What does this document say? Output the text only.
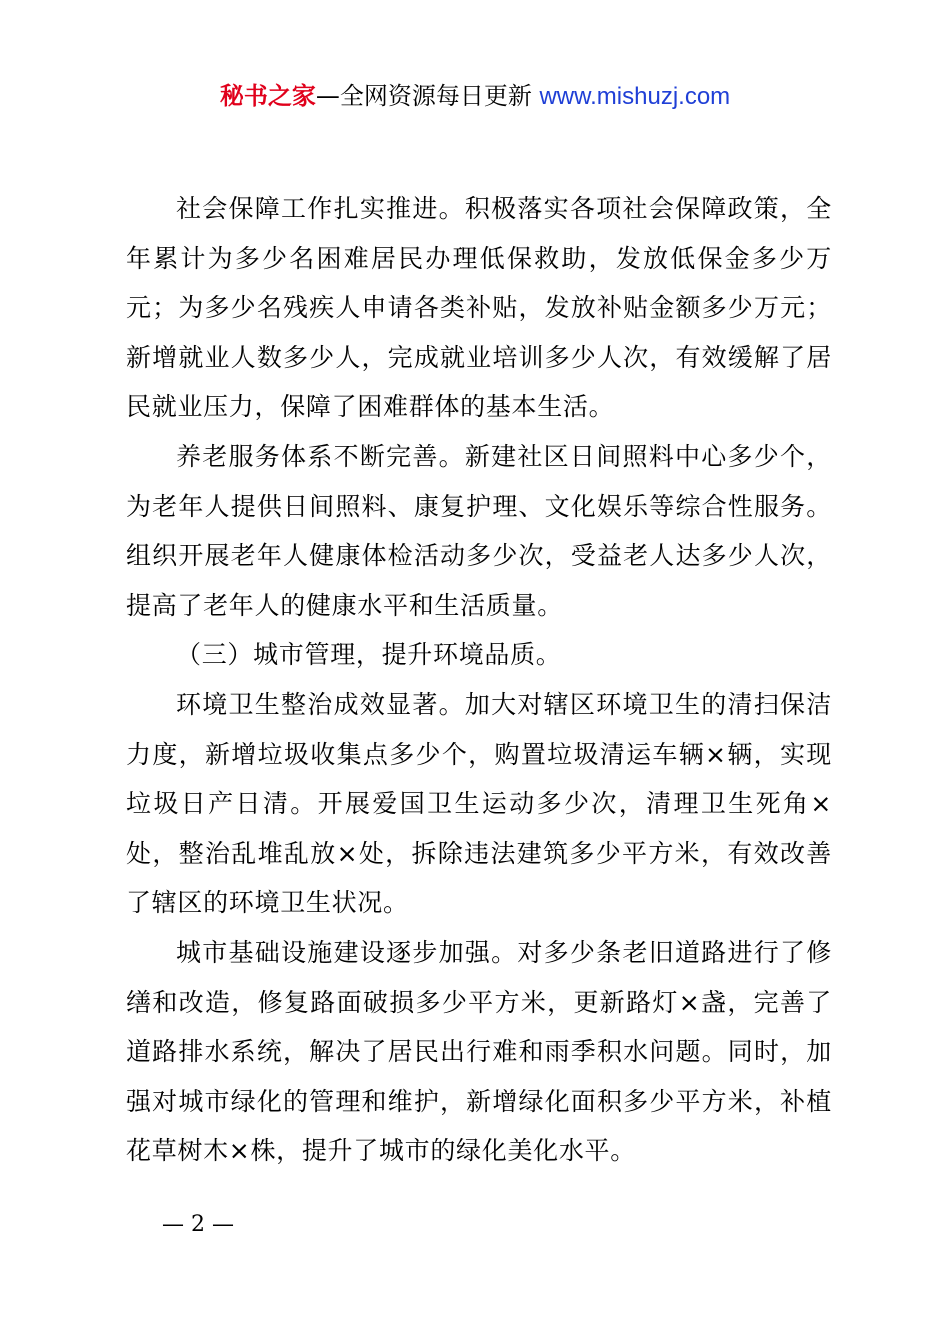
秘书之家—全网资源每日更新 www.mishuzj.com

社会保障工作扎实推进。积极落实各项社会保障政策，全年累计为多少名困难居民办理低保救助，发放低保金多少万元；为多少名残疾人申请各类补贴，发放补贴金额多少万元；新增就业人数多少人，完成就业培训多少人次，有效缓解了居民就业压力，保障了困难群体的基本生活。

养老服务体系不断完善。新建社区日间照料中心多少个，为老年人提供日间照料、康复护理、文化娱乐等综合性服务。组织开展老年人健康体检活动多少次，受益老人达多少人次，提高了老年人的健康水平和生活质量。

（三）城市管理，提升环境品质。

环境卫生整治成效显著。加大对辖区环境卫生的清扫保洁力度，新增垃圾收集点多少个，购置垃圾清运车辆×辆，实现垃圾日产日清。开展爱国卫生运动多少次，清理卫生死角×处，整治乱堆乱放×处，拆除违法建筑多少平方米，有效改善了辖区的环境卫生状况。

城市基础设施建设逐步加强。对多少条老旧道路进行了修缮和改造，修复路面破损多少平方米，更新路灯×盏，完善了道路排水系统，解决了居民出行难和雨季积水问题。同时，加强对城市绿化的管理和维护，新增绿化面积多少平方米，补植花草树木×株，提升了城市的绿化美化水平。

— 2 —
